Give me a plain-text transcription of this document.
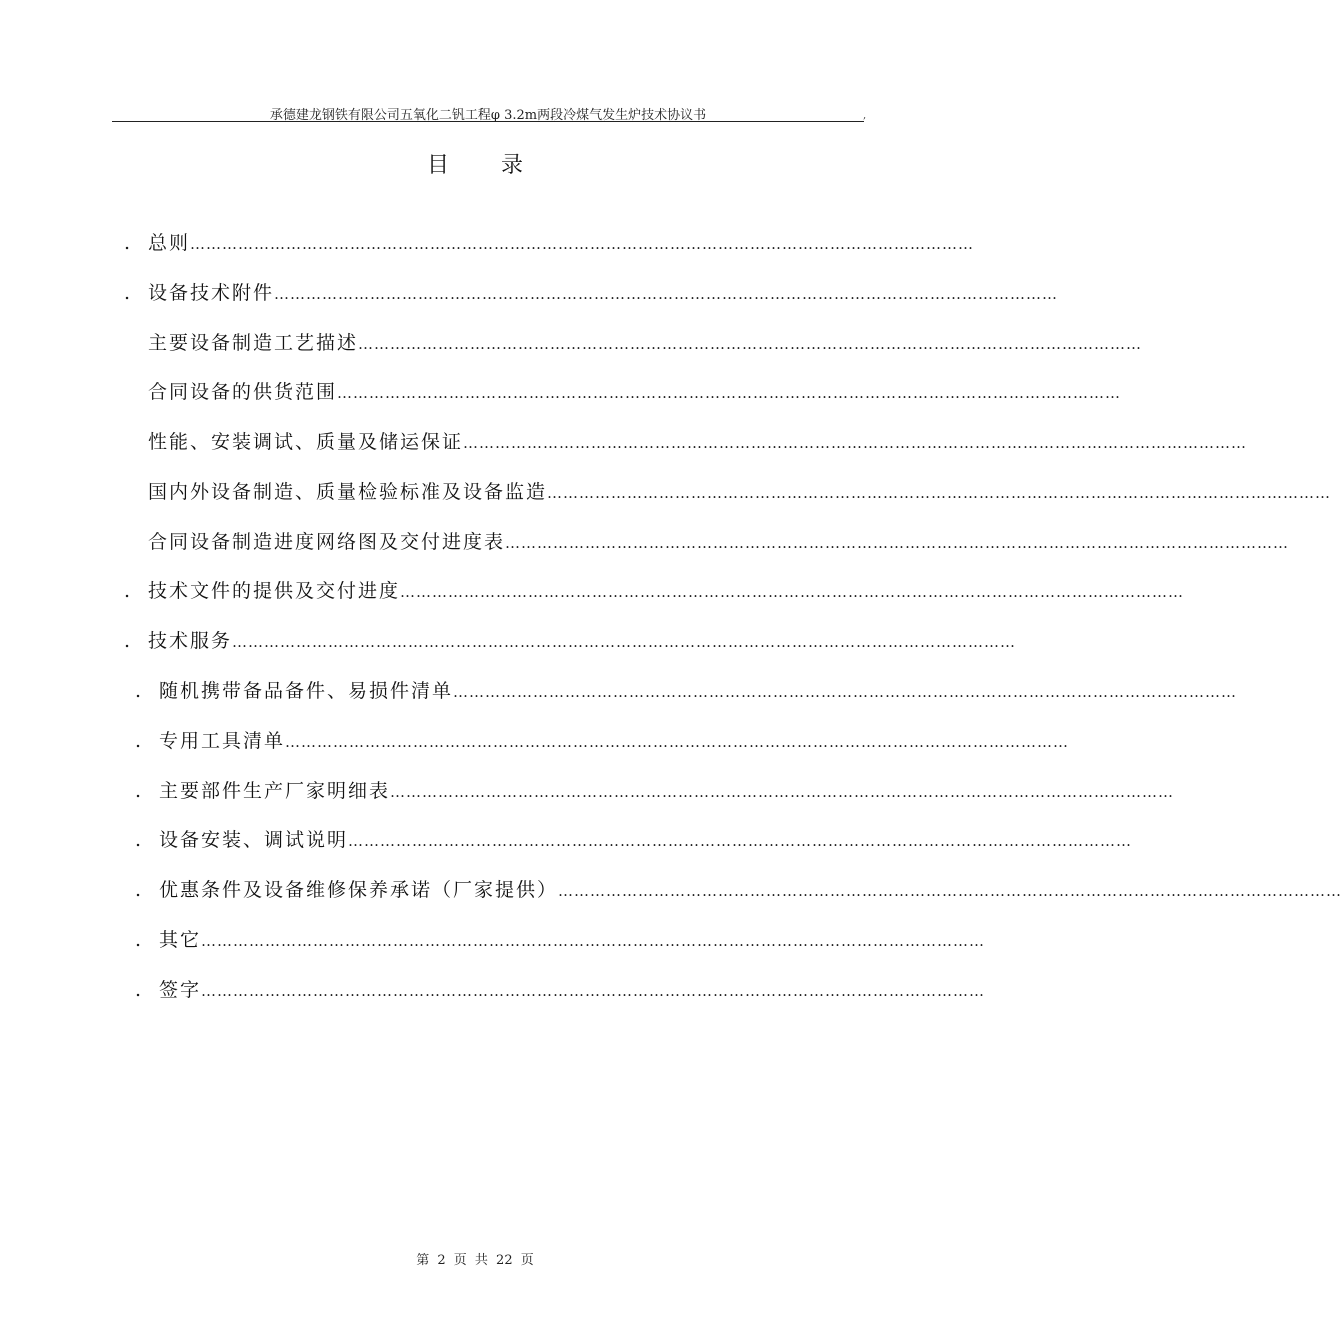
承德建龙钢铁有限公司五氧化二钒工程φ 3.2m两段冷煤气发生炉技术协议书	,
目录
. 总则 …………………………………………………………………………………………………………………………………
. 设备技术附件 …………………………………………………………………………………………………………………………………
主要设备制造工艺描述 …………………………………………………………………………………………………………………………………
合同设备的供货范围 …………………………………………………………………………………………………………………………………
性能、安装调试、质量及储运保证 …………………………………………………………………………………………………………………………………
国内外设备制造、质量检验标准及设备监造 …………………………………………………………………………………………………………………………………
合同设备制造进度网络图及交付进度表 …………………………………………………………………………………………………………………………………
. 技术文件的提供及交付进度 …………………………………………………………………………………………………………………………………
. 技术服务 …………………………………………………………………………………………………………………………………
. 随机携带备品备件、易损件清单 …………………………………………………………………………………………………………………………………
. 专用工具清单 …………………………………………………………………………………………………………………………………
. 主要部件生产厂家明细表 …………………………………………………………………………………………………………………………………
. 设备安装、调试说明 …………………………………………………………………………………………………………………………………
. 优惠条件及设备维修保养承诺（厂家提供） …………………………………………………………………………………………………………………………………
. 其它 …………………………………………………………………………………………………………………………………
. 签字 …………………………………………………………………………………………………………………………………
第 2 页 共 22 页
